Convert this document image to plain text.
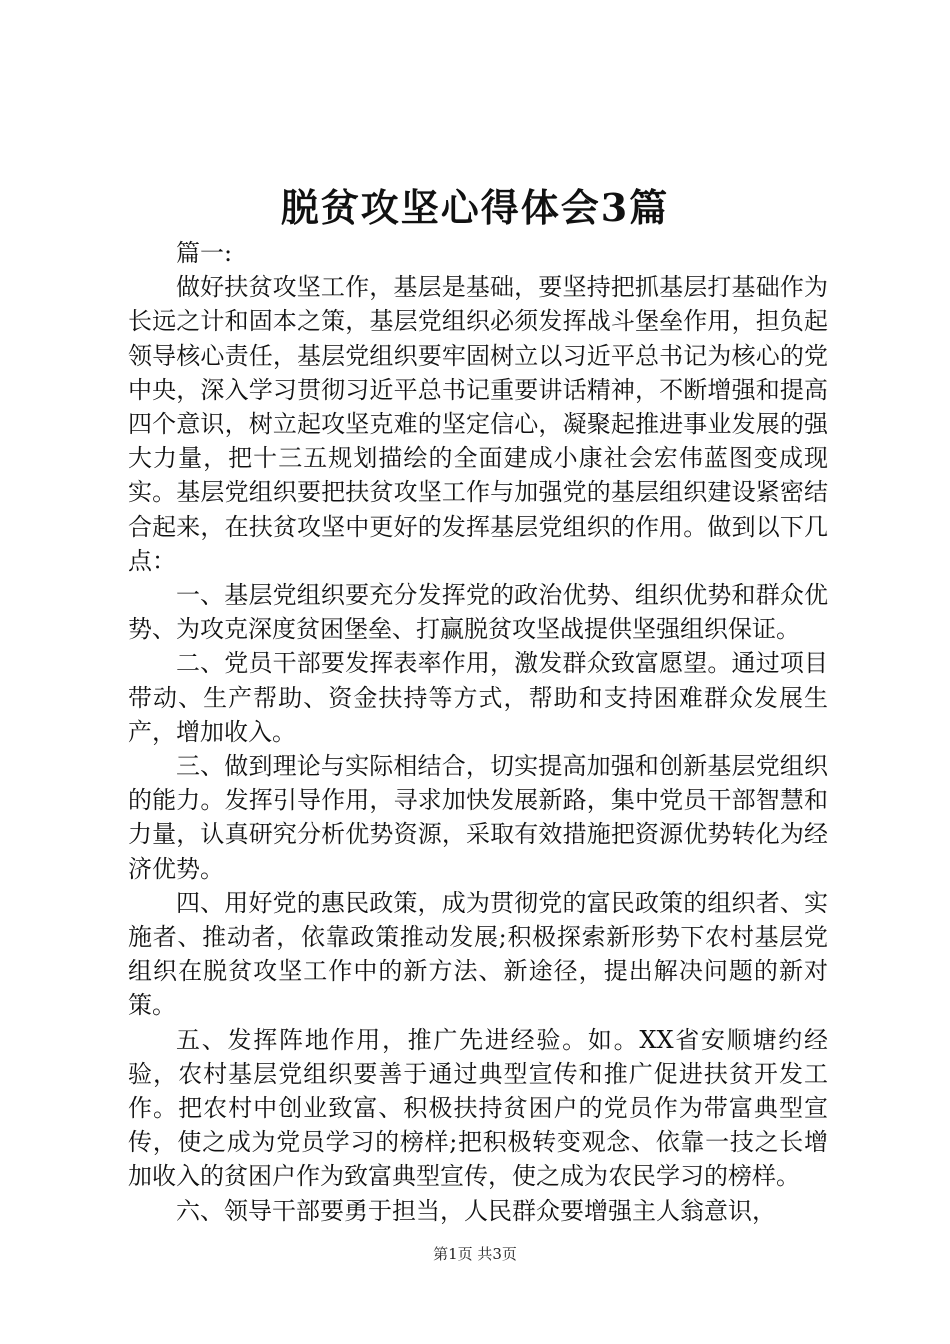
脱贫攻坚心得体会3篇

篇一:

做好扶贫攻坚工作，基层是基础，要坚持把抓基层打基础作为长远之计和固本之策，基层党组织必须发挥战斗堡垒作用，担负起领导核心责任，基层党组织要牢固树立以习近平总书记为核心的党中央，深入学习贯彻习近平总书记重要讲话精神，不断增强和提高四个意识，树立起攻坚克难的坚定信心，凝聚起推进事业发展的强大力量，把十三五规划描绘的全面建成小康社会宏伟蓝图变成现实。基层党组织要把扶贫攻坚工作与加强党的基层组织建设紧密结合起来，在扶贫攻坚中更好的发挥基层党组织的作用。做到以下几点：

一、基层党组织要充分发挥党的政治优势、组织优势和群众优势、为攻克深度贫困堡垒、打赢脱贫攻坚战提供坚强组织保证。

二、党员干部要发挥表率作用，激发群众致富愿望。通过项目带动、生产帮助、资金扶持等方式，帮助和支持困难群众发展生产，增加收入。

三、做到理论与实际相结合，切实提高加强和创新基层党组织的能力。发挥引导作用，寻求加快发展新路，集中党员干部智慧和力量，认真研究分析优势资源，采取有效措施把资源优势转化为经济优势。

四、用好党的惠民政策，成为贯彻党的富民政策的组织者、实施者、推动者，依靠政策推动发展;积极探索新形势下农村基层党组织在脱贫攻坚工作中的新方法、新途径，提出解决问题的新对策。

五、发挥阵地作用，推广先进经验。如。XX省安顺塘约经验，农村基层党组织要善于通过典型宣传和推广促进扶贫开发工作。把农村中创业致富、积极扶持贫困户的党员作为带富典型宣传，使之成为党员学习的榜样;把积极转变观念、依靠一技之长增加收入的贫困户作为致富典型宣传，使之成为农民学习的榜样。

六、领导干部要勇于担当，人民群众要增强主人翁意识，

第1页 共3页
